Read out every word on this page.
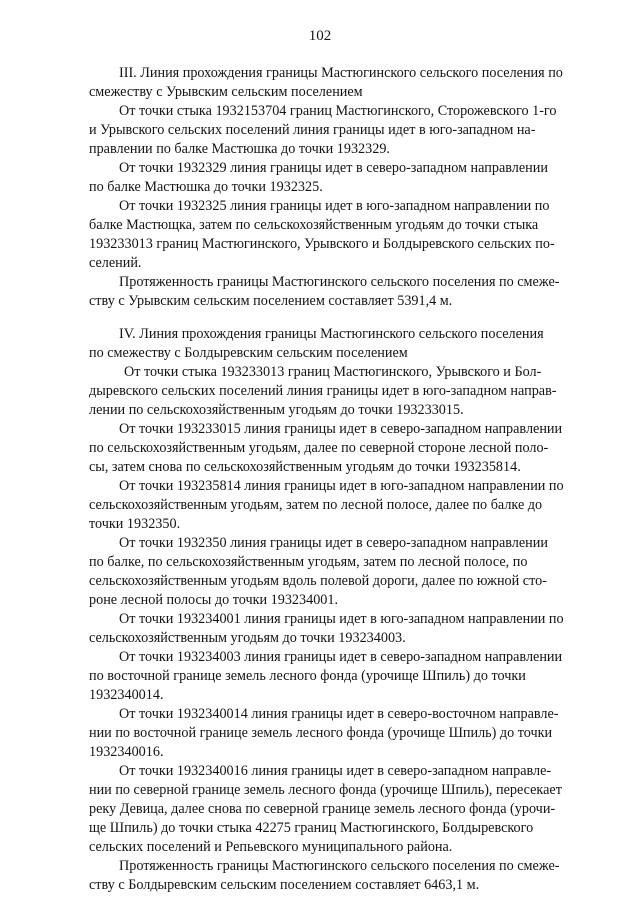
102
III. Линия прохождения границы Мастюгинского сельского поселения по
смежеству с Урывским сельским поселением
От точки стыка 1932153704 границ Мастюгинского, Сторожевского 1-го
и Урывского сельских поселений линия границы идет в юго-западном на-
правлении по балке Мастюшка до точки 1932329.
От точки 1932329 линия границы идет в северо-западном направлении
по балке Мастюшка до точки 1932325.
От точки 1932325 линия границы идет в юго-западном направлении по
балке Мастющка, затем по сельскохозяйственным угодьям до точки стыка
193233013 границ Мастюгинского, Урывского и Болдыревского сельских по-
селений.
Протяженность границы Мастюгинского сельского поселения по смеже-
ству с Урывским сельским поселением составляет 5391,4 м.
IV. Линия прохождения границы Мастюгинского сельского поселения
по смежеству с Болдыревским сельским поселением
От точки стыка 193233013 границ Мастюгинского, Урывского и Бол-
дыревского сельских поселений линия границы идет в юго-западном направ-
лении по сельскохозяйственным угодьям до точки 193233015.
От точки 193233015 линия границы идет в северо-западном направлении
по сельскохозяйственным угодьям, далее по северной стороне лесной поло-
сы, затем снова по сельскохозяйственным угодьям до точки 193235814.
От точки 193235814 линия границы идет в юго-западном направлении по
сельскохозяйственным угодьям, затем по лесной полосе, далее по балке до
точки 1932350.
От точки 1932350 линия границы идет в северо-западном направлении
по балке, по сельскохозяйственным угодьям, затем по лесной полосе, по
сельскохозяйственным угодьям вдоль полевой дороги, далее по южной сто-
роне лесной полосы до точки 193234001.
От точки 193234001 линия границы идет в юго-западном направлении по
сельскохозяйственным угодьям до точки 193234003.
От точки 193234003 линия границы идет в северо-западном направлении
по восточной границе земель лесного фонда (урочище Шпиль) до точки
1932340014.
От точки 1932340014 линия границы идет в северо-восточном направле-
нии по восточной границе земель лесного фонда (урочище Шпиль) до точки
1932340016.
От точки 1932340016 линия границы идет в северо-западном направле-
нии по северной границе земель лесного фонда (урочище Шпиль), пересекает
реку Девица, далее снова по северной границе земель лесного фонда (урочи-
ще Шпиль) до точки стыка 42275 границ Мастюгинского, Болдыревского
сельских поселений и Репьевского муниципального района.
Протяженность границы Мастюгинского сельского поселения по смеже-
ству с Болдыревским сельским поселением составляет 6463,1 м.
